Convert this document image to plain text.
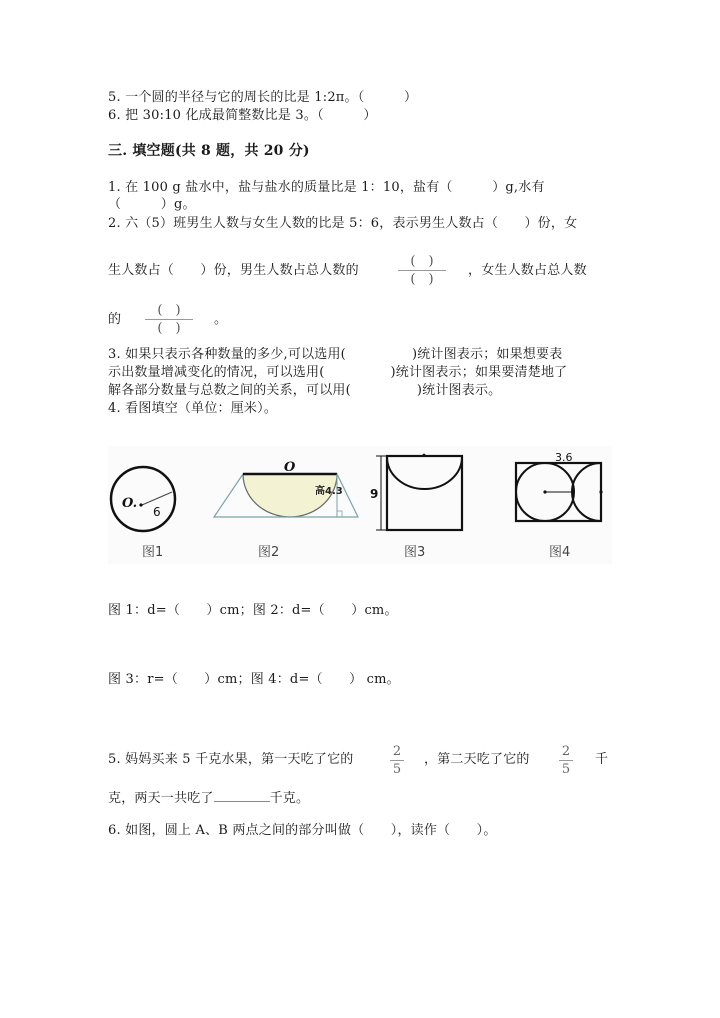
5. 一个圆的半径与它的周长的比是 1:2π。（　　　）
6. 把 30:10 化成最简整数比是 3。（　　　）
三. 填空题(共 8 题，共 20 分)
1. 在 100 g 盐水中，盐与盐水的质量比是 1：10，盐有（　　　）g,水有
（　　　）g。
2. 六（5）班男生人数与女生人数的比是 5：6，表示男生人数占（　　）份，女
生人数占（　　）份，男生人数占总人数的
(　)
(　)
，女生人数占总人数
的
(　)
(　)
。
3. 如果只表示各种数量的多少,可以选用(　　　　　)统计图表示；如果想要表
示出数量增减变化的情况，可以选用(　　　　　)统计图表示；如果要清楚地了
解各部分数量与总数之间的关系，可以用(　　　　　)统计图表示。
4. 看图填空（单位：厘米）。
O.
6
O
高4.3 9
3.6
图1	图2	图3	图4
图 1：d=（　　）cm；图 2：d=（　　）cm。
图 3：r=（　　）cm；图 4：d=（　　） cm。
5. 妈妈买来 5 千克水果，第一天吃了它的
2
5
，第二天吃了它的
2
5
千
克，两天一共吃了	千克。
6. 如图，圆上 A、B 两点之间的部分叫做（　　），读作（　　）。
